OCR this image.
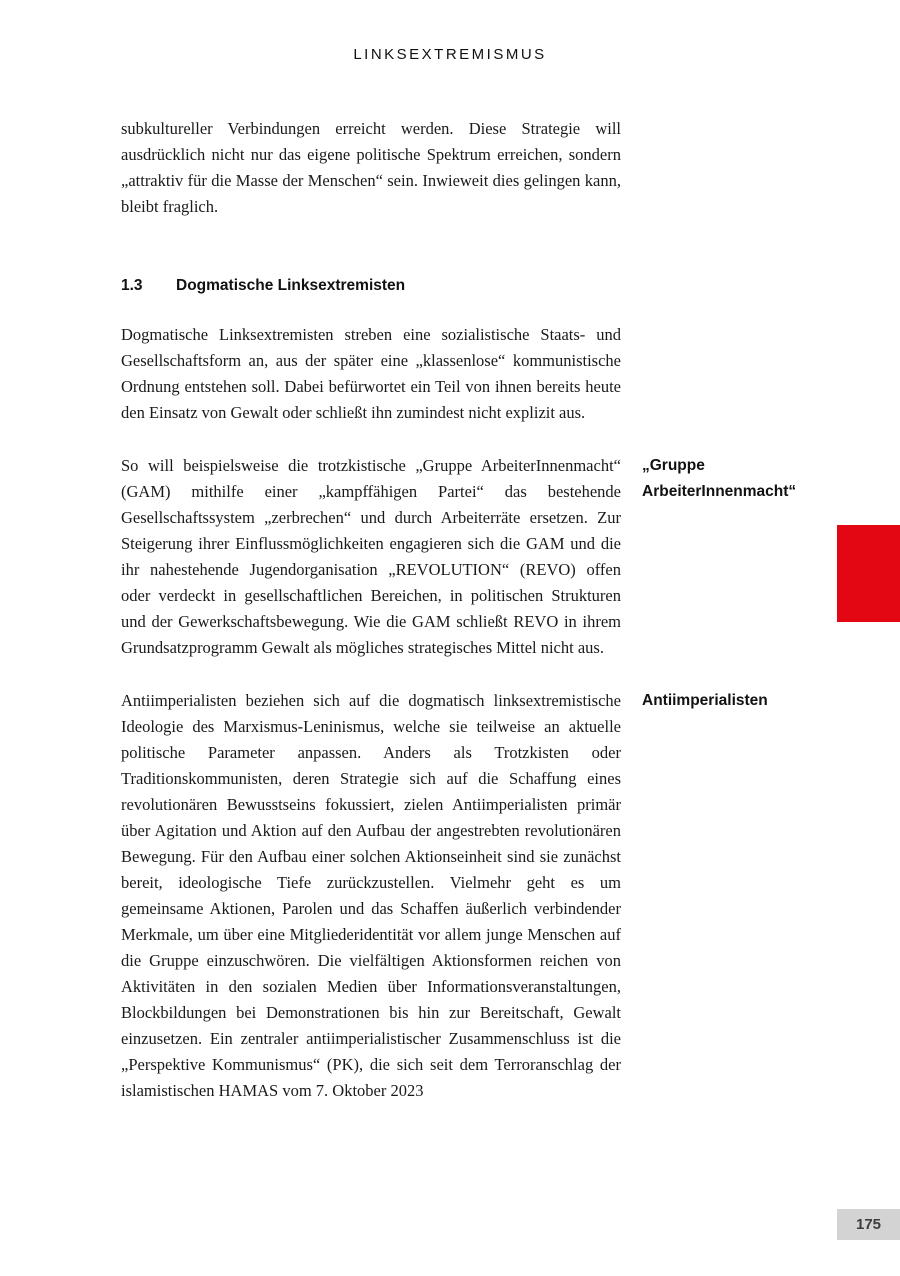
LINKSEXTREMISMUS

subkultureller Verbindungen erreicht werden. Diese Strategie will ausdrücklich nicht nur das eigene politische Spektrum erreichen, sondern „attraktiv für die Masse der Menschen“ sein. Inwieweit dies gelingen kann, bleibt fraglich.

1.3 Dogmatische Linksextremisten

Dogmatische Linksextremisten streben eine sozialistische Staats- und Gesellschaftsform an, aus der später eine „klassenlose“ kommunistische Ordnung entstehen soll. Dabei befürwortet ein Teil von ihnen bereits heute den Einsatz von Gewalt oder schließt ihn zumindest nicht explizit aus.

So will beispielsweise die trotzkistische „Gruppe ArbeiterInnenmacht“ (GAM) mithilfe einer „kampffähigen Partei“ das bestehende Gesellschaftssystem „zerbrechen“ und durch Arbeiterräte ersetzen. Zur Steigerung ihrer Einflussmöglichkeiten engagieren sich die GAM und die ihr nahestehende Jugendorganisation „REVOLUTION“ (REVO) offen oder verdeckt in gesellschaftlichen Bereichen, in politischen Strukturen und der Gewerkschaftsbewegung. Wie die GAM schließt REVO in ihrem Grundsatzprogramm Gewalt als mögliches strategisches Mittel nicht aus.

„Gruppe ArbeiterInnenmacht“

Antiimperialisten beziehen sich auf die dogmatisch linksextremistische Ideologie des Marxismus-Leninismus, welche sie teilweise an aktuelle politische Parameter anpassen. Anders als Trotzkisten oder Traditionskommunisten, deren Strategie sich auf die Schaffung eines revolutionären Bewusstseins fokussiert, zielen Antiimperialisten primär über Agitation und Aktion auf den Aufbau der angestrebten revolutionären Bewegung. Für den Aufbau einer solchen Aktionseinheit sind sie zunächst bereit, ideologische Tiefe zurückzustellen. Vielmehr geht es um gemeinsame Aktionen, Parolen und das Schaffen äußerlich verbindender Merkmale, um über eine Mitgliederidentität vor allem junge Menschen auf die Gruppe einzuschwören. Die vielfältigen Aktionsformen reichen von Aktivitäten in den sozialen Medien über Informationsveranstaltungen, Blockbildungen bei Demonstrationen bis hin zur Bereitschaft, Gewalt einzusetzen. Ein zentraler antiimperialistischer Zusammenschluss ist die „Perspektive Kommunismus“ (PK), die sich seit dem Terroranschlag der islamistischen HAMAS vom 7. Oktober 2023

Antiimperialisten
175
